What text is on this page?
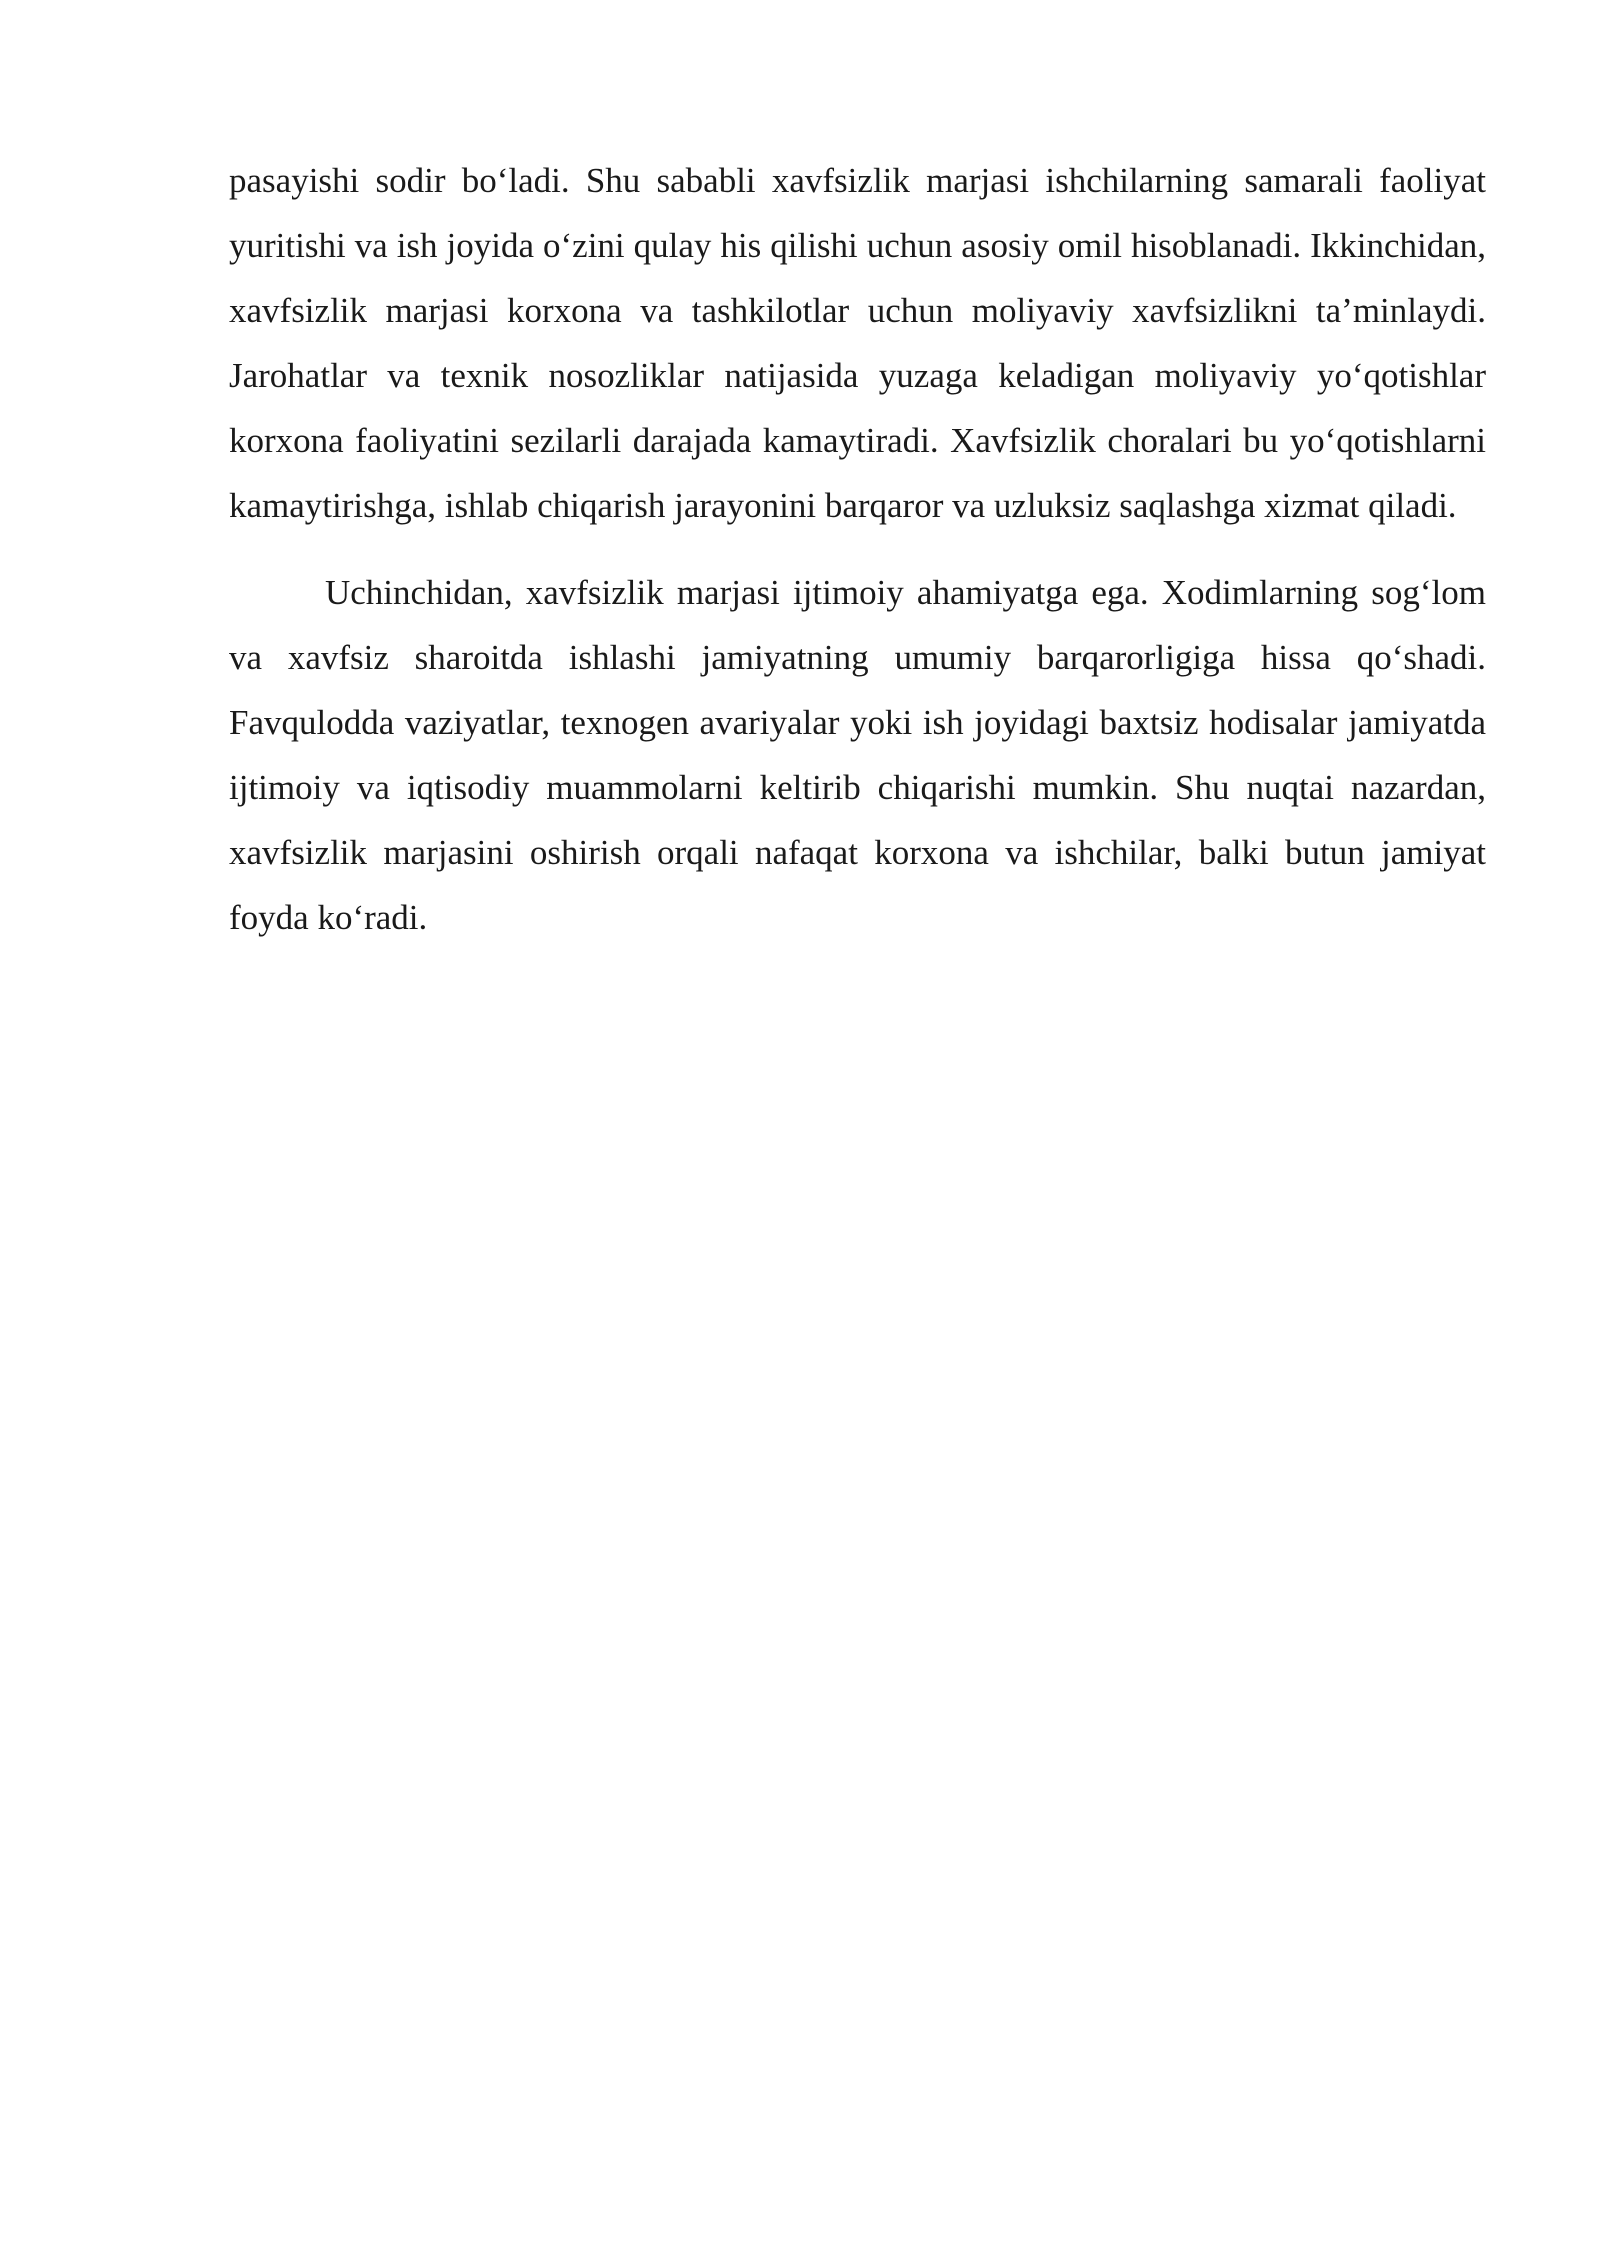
pasayishi sodir bo‘ladi. Shu sababli xavfsizlik marjasi ishchilarning samarali faoliyat yuritishi va ish joyida o‘zini qulay his qilishi uchun asosiy omil hisoblanadi. Ikkinchidan, xavfsizlik marjasi korxona va tashkilotlar uchun moliyaviy xavfsizlikni ta’minlaydi. Jarohatlar va texnik nosozliklar natijasida yuzaga keladigan moliyaviy yo‘qotishlar korxona faoliyatini sezilarli darajada kamaytiradi. Xavfsizlik choralari bu yo‘qotishlarni kamaytirishga, ishlab chiqarish jarayonini barqaror va uzluksiz saqlashga xizmat qiladi.

Uchinchidan, xavfsizlik marjasi ijtimoiy ahamiyatga ega. Xodimlarning sog‘lom va xavfsiz sharoitda ishlashi jamiyatning umumiy barqarorligiga hissa qo‘shadi. Favqulodda vaziyatlar, texnogen avariyalar yoki ish joyidagi baxtsiz hodisalar jamiyatda ijtimoiy va iqtisodiy muammolarni keltirib chiqarishi mumkin. Shu nuqtai nazardan, xavfsizlik marjasini oshirish orqali nafaqat korxona va ishchilar, balki butun jamiyat foyda ko‘radi.
